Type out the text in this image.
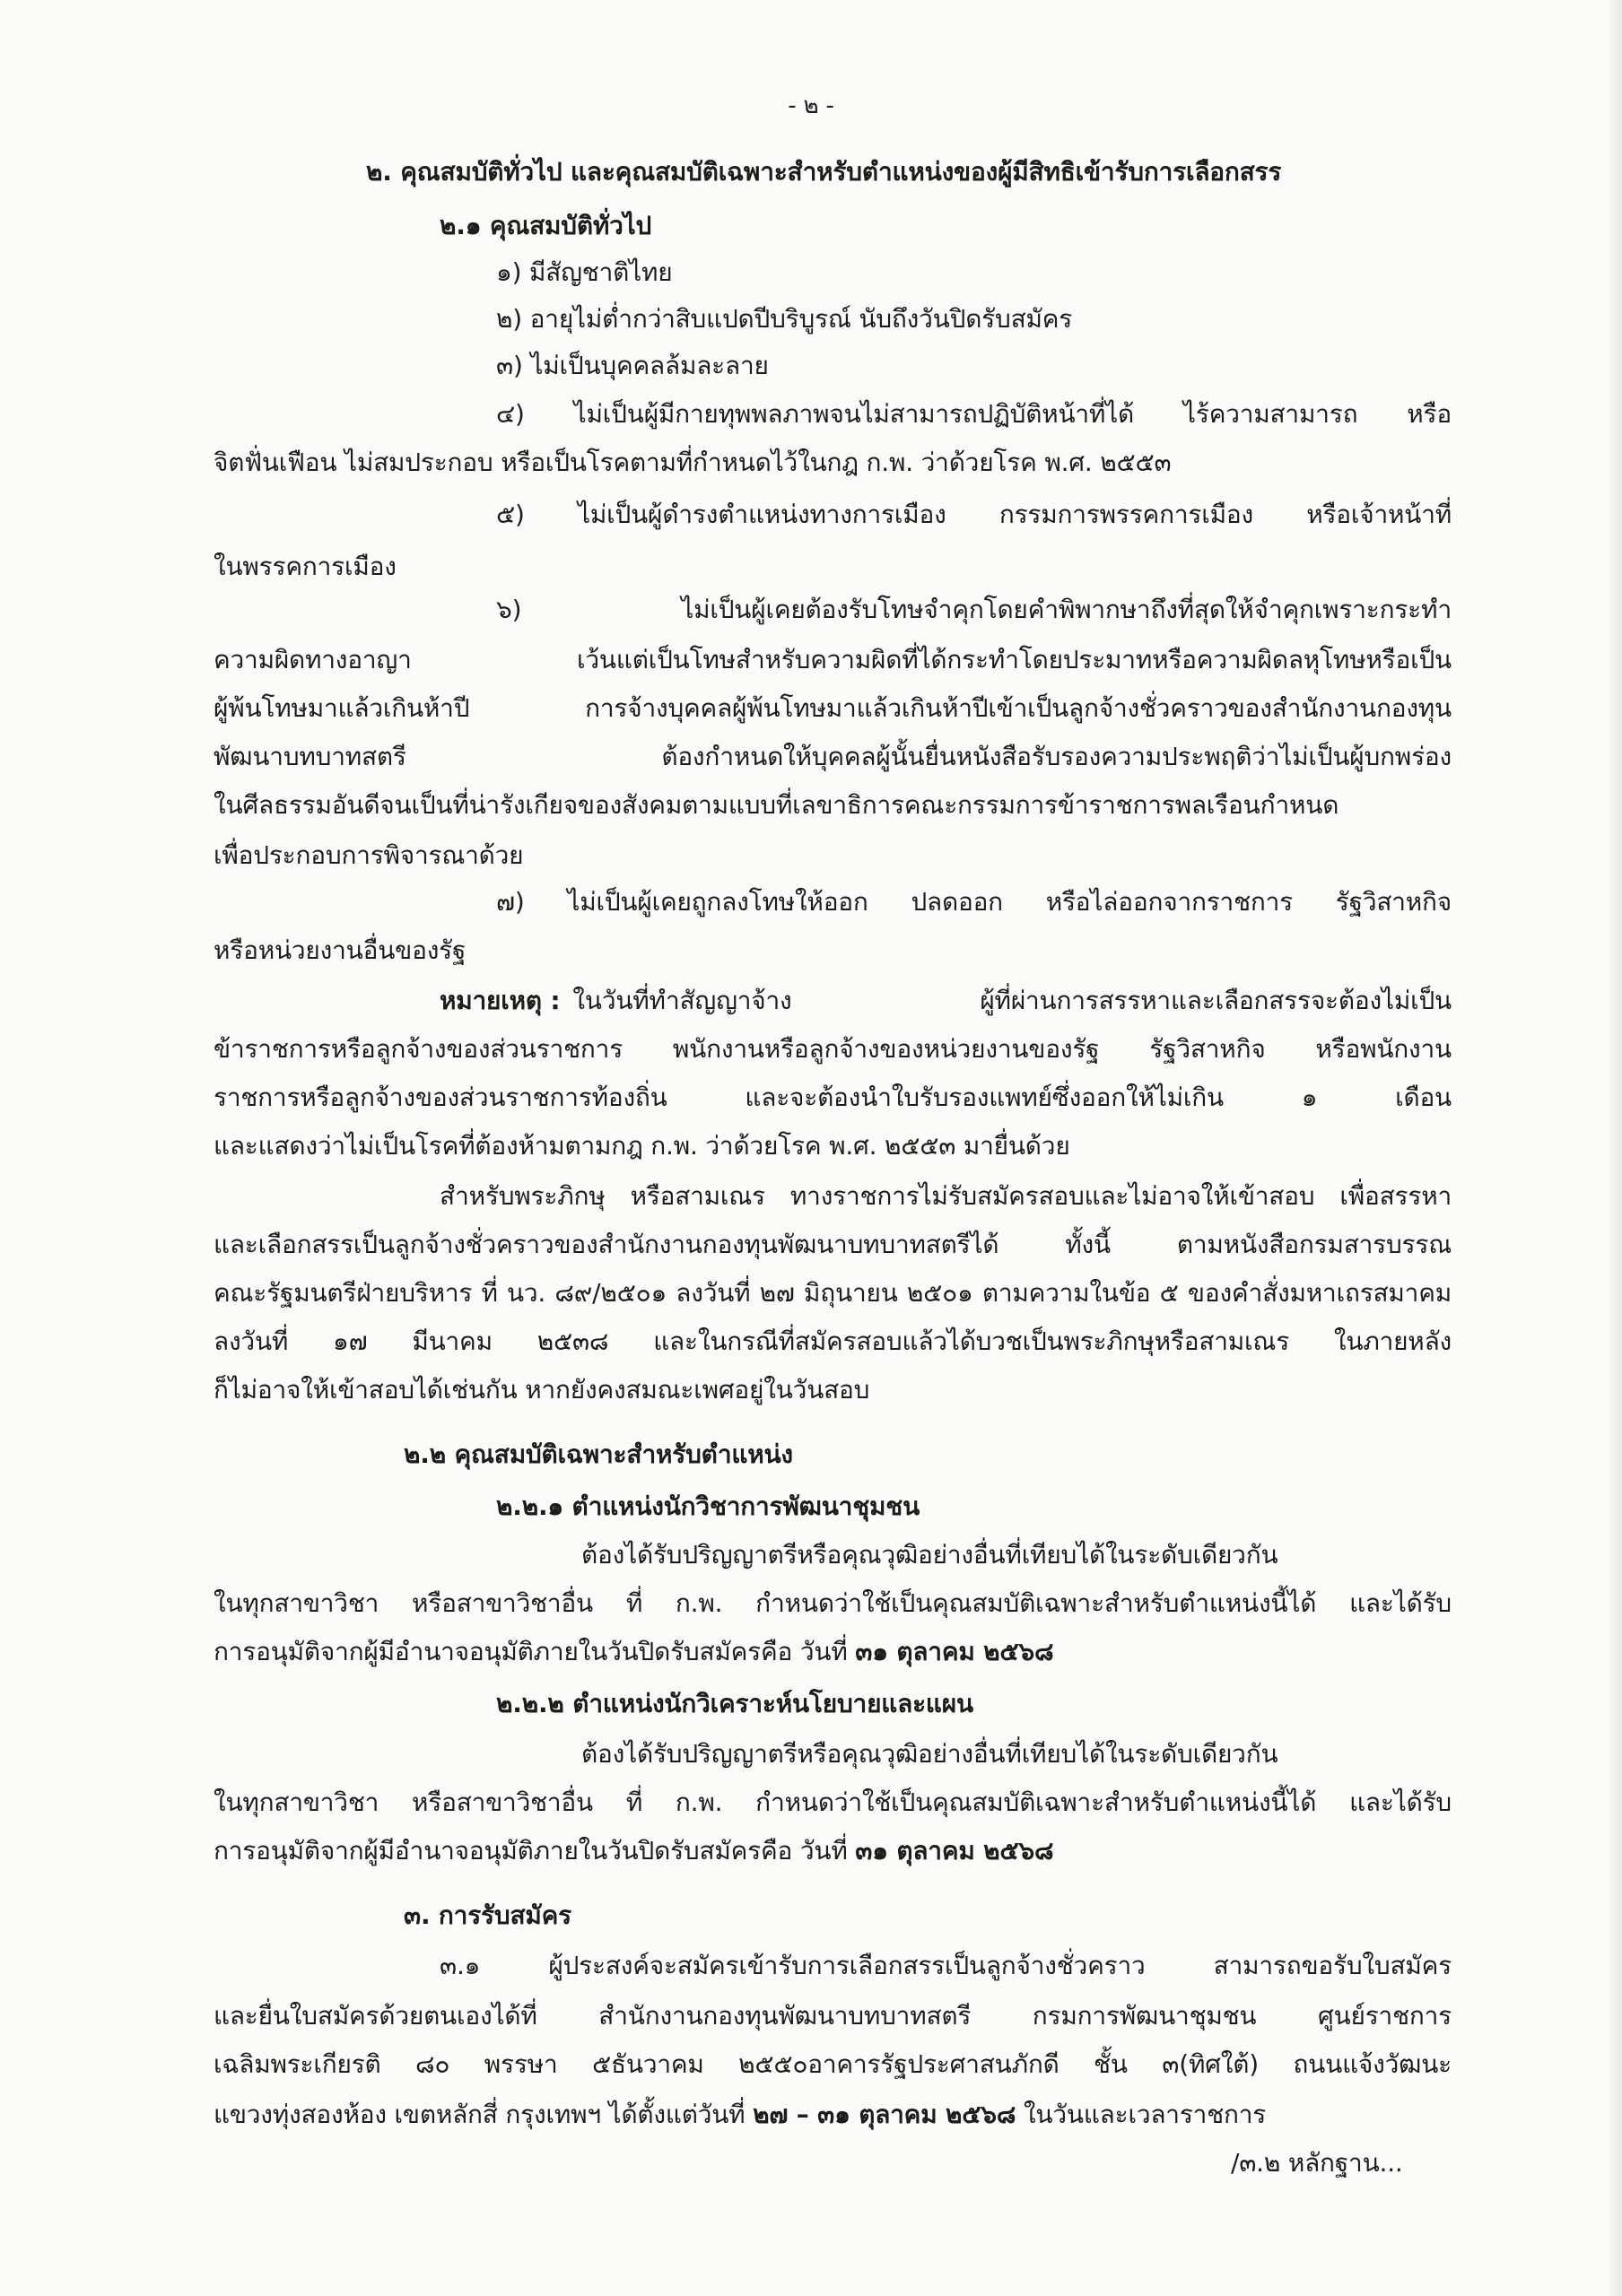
- ๒ -
๒. คุณสมบัติทั่วไป และคุณสมบัติเฉพาะสำหรับตำแหน่งของผู้มีสิทธิเข้ารับการเลือกสรร
๒.๑ คุณสมบัติทั่วไป
๑) มีสัญชาติไทย
๒) อายุไม่ต่ำกว่าสิบแปดปีบริบูรณ์ นับถึงวันปิดรับสมัคร
๓) ไม่เป็นบุคคลล้มละลาย
๔) ไม่เป็นผู้มีกายทุพพลภาพจนไม่สามารถปฏิบัติหน้าที่ได้ ไร้ความสามารถ หรือ
จิตฟั่นเฟือน ไม่สมประกอบ หรือเป็นโรคตามที่กำหนดไว้ในกฎ ก.พ. ว่าด้วยโรค พ.ศ. ๒๕๕๓
๕) ไม่เป็นผู้ดำรงตำแหน่งทางการเมือง กรรมการพรรคการเมือง หรือเจ้าหน้าที่
ในพรรคการเมือง
๖) ไม่เป็นผู้เคยต้องรับโทษจำคุกโดยคำพิพากษาถึงที่สุดให้จำคุกเพราะกระทำ
ความผิดทางอาญา เว้นแต่เป็นโทษสำหรับความผิดที่ได้กระทำโดยประมาทหรือความผิดลหุโทษหรือเป็น
ผู้พ้นโทษมาแล้วเกินห้าปี การจ้างบุคคลผู้พ้นโทษมาแล้วเกินห้าปีเข้าเป็นลูกจ้างชั่วคราวของสำนักงานกองทุน
พัฒนาบทบาทสตรี ต้องกำหนดให้บุคคลผู้นั้นยื่นหนังสือรับรองความประพฤติว่าไม่เป็นผู้บกพร่อง
ในศีลธรรมอันดีจนเป็นที่น่ารังเกียจของสังคมตามแบบที่เลขาธิการคณะกรรมการข้าราชการพลเรือนกำหนด
เพื่อประกอบการพิจารณาด้วย
๗) ไม่เป็นผู้เคยถูกลงโทษให้ออก ปลดออก หรือไล่ออกจากราชการ รัฐวิสาหกิจ
หรือหน่วยงานอื่นของรัฐ
หมายเหตุ : ในวันที่ทำสัญญาจ้าง ผู้ที่ผ่านการสรรหาและเลือกสรรจะต้องไม่เป็น
ข้าราชการหรือลูกจ้างของส่วนราชการ พนักงานหรือลูกจ้างของหน่วยงานของรัฐ รัฐวิสาหกิจ หรือพนักงาน
ราชการหรือลูกจ้างของส่วนราชการท้องถิ่น และจะต้องนำใบรับรองแพทย์ซึ่งออกให้ไม่เกิน ๑ เดือน
และแสดงว่าไม่เป็นโรคที่ต้องห้ามตามกฎ ก.พ. ว่าด้วยโรค พ.ศ. ๒๕๕๓ มายื่นด้วย
สำหรับพระภิกษุ หรือสามเณร ทางราชการไม่รับสมัครสอบและไม่อาจให้เข้าสอบ เพื่อสรรหา
และเลือกสรรเป็นลูกจ้างชั่วคราวของสำนักงานกองทุนพัฒนาบทบาทสตรีได้ ทั้งนี้ ตามหนังสือกรมสารบรรณ
คณะรัฐมนตรีฝ่ายบริหาร ที่ นว. ๘๙/๒๕๐๑ ลงวันที่ ๒๗ มิถุนายน ๒๕๐๑ ตามความในข้อ ๕ ของคำสั่งมหาเถรสมาคม
ลงวันที่ ๑๗ มีนาคม ๒๕๓๘ และในกรณีที่สมัครสอบแล้วได้บวชเป็นพระภิกษุหรือสามเณร ในภายหลัง
ก็ไม่อาจให้เข้าสอบได้เช่นกัน หากยังคงสมณะเพศอยู่ในวันสอบ
๒.๒ คุณสมบัติเฉพาะสำหรับตำแหน่ง
๒.๒.๑ ตำแหน่งนักวิชาการพัฒนาชุมชน
ต้องได้รับปริญญาตรีหรือคุณวุฒิอย่างอื่นที่เทียบได้ในระดับเดียวกัน
ในทุกสาขาวิชา หรือสาขาวิชาอื่น ที่ ก.พ. กำหนดว่าใช้เป็นคุณสมบัติเฉพาะสำหรับตำแหน่งนี้ได้ และได้รับ
การอนุมัติจากผู้มีอำนาจอนุมัติภายในวันปิดรับสมัครคือ วันที่ ๓๑ ตุลาคม ๒๕๖๘
๒.๒.๒ ตำแหน่งนักวิเคราะห์นโยบายและแผน
ต้องได้รับปริญญาตรีหรือคุณวุฒิอย่างอื่นที่เทียบได้ในระดับเดียวกัน
ในทุกสาขาวิชา หรือสาขาวิชาอื่น ที่ ก.พ. กำหนดว่าใช้เป็นคุณสมบัติเฉพาะสำหรับตำแหน่งนี้ได้ และได้รับ
การอนุมัติจากผู้มีอำนาจอนุมัติภายในวันปิดรับสมัครคือ วันที่ ๓๑ ตุลาคม ๒๕๖๘
๓. การรับสมัคร
๓.๑ ผู้ประสงค์จะสมัครเข้ารับการเลือกสรรเป็นลูกจ้างชั่วคราว สามารถขอรับใบสมัคร
และยื่นใบสมัครด้วยตนเองได้ที่ สำนักงานกองทุนพัฒนาบทบาทสตรี กรมการพัฒนาชุมชน ศูนย์ราชการ
เฉลิมพระเกียรติ ๘๐ พรรษา ๕ธันวาคม ๒๕๕๐อาคารรัฐประศาสนภักดี ชั้น ๓(ทิศใต้) ถนนแจ้งวัฒนะ
แขวงทุ่งสองห้อง เขตหลักสี่ กรุงเทพฯ ได้ตั้งแต่วันที่ ๒๗ – ๓๑ ตุลาคม ๒๕๖๘ ในวันและเวลาราชการ
/๓.๒ หลักฐาน...
